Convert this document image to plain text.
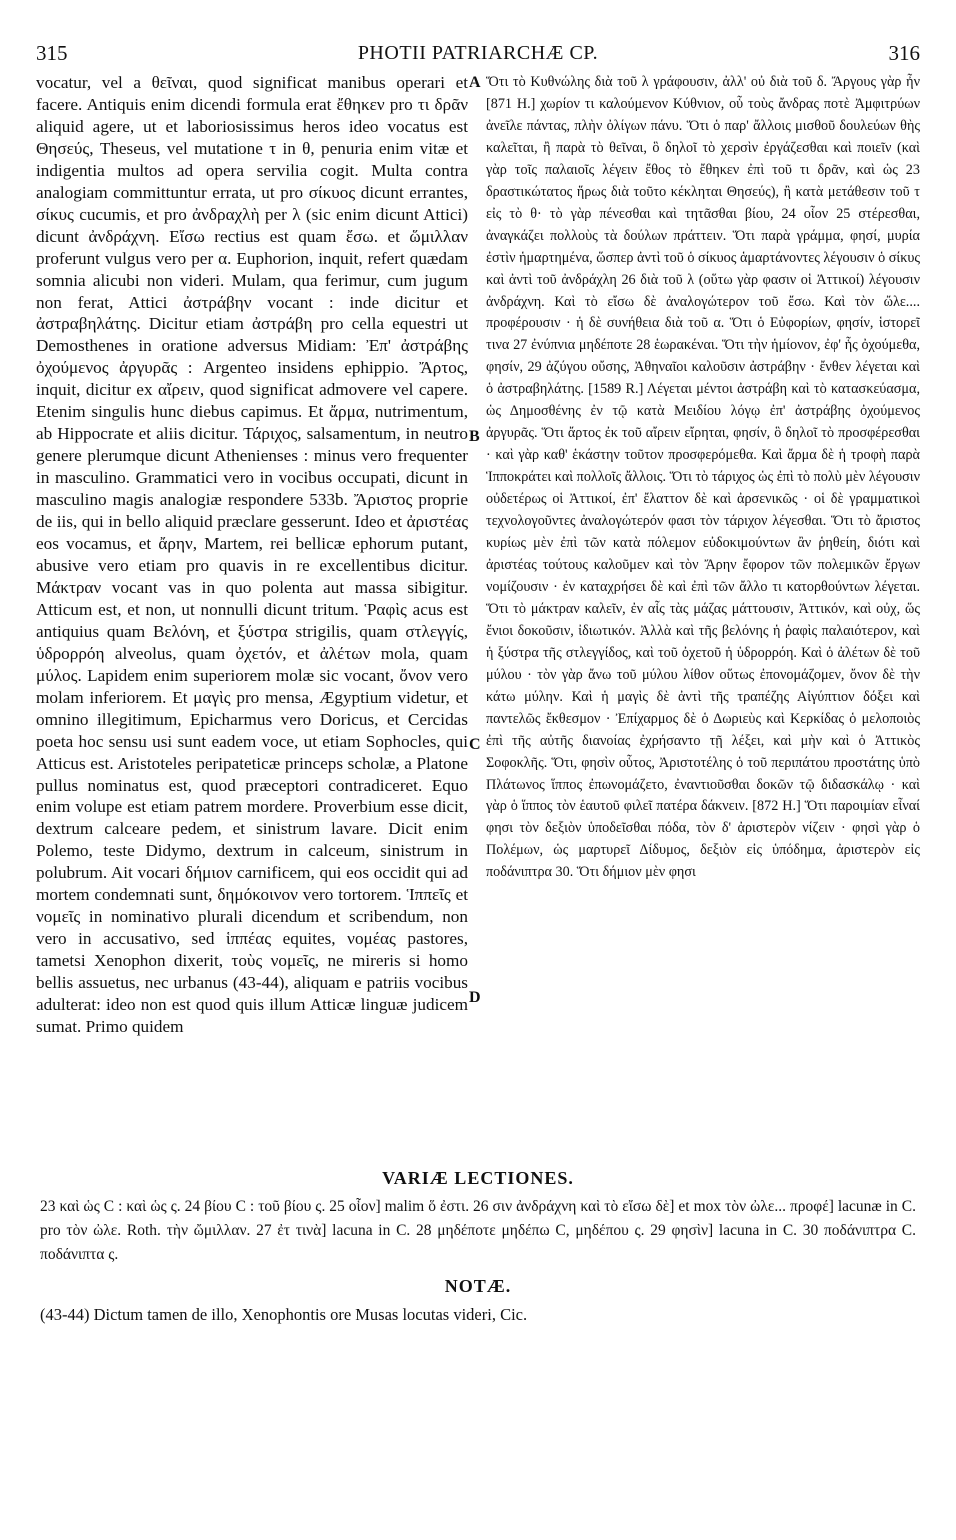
315	PHOTII PATRIARCHÆ CP.	316

vocatur, vel a θεῖναι, quod significat manibus operari et facere. Antiquis enim dicendi formula erat ἔθηκεν pro τι δρᾶν aliquid agere, ut et laboriosissimus heros ideo vocatus est Θησεύς, Theseus, vel mutatione τ in θ, penuria enim vitæ et indigentia multos ad opera servilia cogit. Multa contra analogiam committuntur errata, ut pro σίκυος dicunt errantes, σίκυς cucumis, et pro ἀνδραχλὴ per λ (sic enim dicunt Attici) dicunt ἀνδράχνη. Εἴσω rectius est quam ἔσω. et ὥμιλλαν proferunt vulgus vero per α. Euphorion, inquit, refert quædam somnia alicubi non videri. Mulam, qua ferimur, cum jugum non ferat, Attici ἀστράβην vocant : inde dicitur et ἀστραβηλάτης. Dicitur etiam ἀστράβη pro cella equestri ut Demosthenes in oratione adversus Midiam: Ἐπ' ἀστράβης ὀχούμενος ἀργυρᾶς : Argenteo insidens ephippio. Ἄρτος, inquit, dicitur ex αἴρειν, quod significat admovere vel capere. Etenim singulis hunc diebus capimus. Et ἄρμα, nutrimentum, ab Hippocrate et aliis dicitur. Τάριχος, salsamentum, in neutro genere plerumque dicunt Athenienses : minus vero frequenter in masculino. Grammatici vero in vocibus occupati, dicunt in masculino magis analogiæ respondere 533b. Ἄριστος proprie de iis, qui in bello aliquid præclare gesserunt. Ideo et ἀριστέας eos vocamus, et ἄρην, Martem, rei bellicæ ephorum putant, abusive vero etiam pro quavis in re excellentibus dicitur. Μάκτραν vocant vas in quo polenta aut massa sibigitur. Atticum est, et non, ut nonnulli dicunt tritum. Ῥαφὶς acus est antiquius quam Βελόνη, et ξύστρα strigilis, quam στλεγγίς, ὑδρορρόη alveolus, quam ὀχετόν, et ἀλέτων mola, quam μύλος. Lapidem enim superiorem molæ sic vocant, ὄνον vero molam inferiorem. Et μαγὶς pro mensa, Ægyptium videtur, et omnino illegitimum, Epicharmus vero Doricus, et Cercidas poeta hoc sensu usi sunt eadem voce, ut etiam Sophocles, qui Atticus est. Aristoteles peripateticæ princeps scholæ, a Platone pullus nominatus est, quod præceptori contradiceret. Equo enim volupe est etiam patrem mordere. Proverbium esse dicit, dextrum calceare pedem, et sinistrum lavare. Dicit enim Polemo, teste Didymo, dextrum in calceum, sinistrum in polubrum. Ait vocari δήμιον carnificem, qui eos occidit qui ad mortem condemnati sunt, δημόκοινον vero tortorem. Ἱππεῖς et νομεῖς in nominativo plurali dicendum et scribendum, non vero in accusativo, sed ἱππέας equites, νομέας pastores, tametsi Xenophon dixerit, τοὺς νομεῖς, ne mireris si homo bellis assuetus, nec urbanus (43-44), aliquam e patriis vocibus adulterat: ideo non est quod quis illum Atticæ linguæ judicem sumat. Primo quidem

A
B
C
D

Ὅτι τὸ Κυθνώλης διὰ τοῦ λ γράφουσιν, ἀλλ' οὐ διὰ τοῦ δ. Ἄργους γὰρ ἦν [871 H.] χωρίον τι καλούμενον Κύθνιον, οὗ τοὺς ἄνδρας ποτὲ Ἀμφιτρύων ἀνεῖλε πάντας, πλὴν ὀλίγων πάνυ. Ὅτι ὁ παρ' ἄλλοις μισθοῦ δουλεύων θὴς καλεῖται, ἢ παρὰ τὸ θεῖναι, ὃ δηλοῖ τὸ χερσὶν ἐργάζεσθαι καὶ ποιεῖν (καὶ γὰρ τοῖς παλαιοῖς λέγειν ἔθος τὸ ἔθηκεν ἐπὶ τοῦ τι δρᾶν, καὶ ὡς 23 δραστικώτατος ἥρως διὰ τοῦτο κέκληται Θησεύς), ἢ κατὰ μετάθεσιν τοῦ τ εἰς τὸ θ· τὸ γὰρ πένεσθαι καὶ τητᾶσθαι βίου, 24 οἷον 25 στέρεσθαι, ἀναγκάζει πολλοὺς τὰ δούλων πράττειν. Ὅτι παρὰ γράμμα, φησί, μυρία ἐστὶν ἡμαρτημένα, ὥσπερ ἀντὶ τοῦ ὁ σίκυος ἁμαρτάνοντες λέγουσιν ὁ σίκυς καὶ ἀντὶ τοῦ ἀνδράχλη 26 διὰ τοῦ λ (οὕτω γὰρ φασιν οἱ Ἀττικοί) λέγουσιν ἀνδράχνη. Καὶ τὸ εἴσω δὲ ἀναλογώτερον τοῦ ἔσω. Καὶ τὸν ὤλε.... προφέρουσιν · ἡ δὲ συνήθεια διὰ τοῦ α. Ὅτι ὁ Εὐφορίων, φησίν, ἱστορεῖ τινα 27 ἐνύπνια μηδέποτε 28 ἑωρακέναι. Ὅτι τὴν ἡμίονον, ἐφ' ἧς ὀχούμεθα, φησίν, 29 ἀζύγου οὔσης, Ἀθηναῖοι καλοῦσιν ἀστράβην · ἔνθεν λέγεται καὶ ὁ ἀστραβηλάτης. [1589 R.] Λέγεται μέντοι ἀστράβη καὶ τὸ κατασκεύασμα, ὡς Δημοσθένης ἐν τῷ κατὰ Μειδίου λόγῳ ἐπ' ἀστράβης ὀχούμενος ἀργυρᾶς. Ὅτι ἄρτος ἐκ τοῦ αἴρειν εἴρηται, φησίν, ὃ δηλοῖ τὸ προσφέρεσθαι · καὶ γὰρ καθ' ἑκάστην τοῦτον προσφερόμεθα. Καὶ ἄρμα δὲ ἡ τροφὴ παρὰ Ἱπποκράτει καὶ πολλοῖς ἄλλοις. Ὅτι τὸ τάριχος ὡς ἐπὶ τὸ πολὺ μὲν λέγουσιν οὐδετέρως οἱ Ἀττικοί, ἐπ' ἔλαττον δὲ καὶ ἀρσενικῶς · οἱ δὲ γραμματικοὶ τεχνολογοῦντες ἀναλογώτερόν φασι τὸν τάριχον λέγεσθαι. Ὅτι τὸ ἄριστος κυρίως μὲν ἐπὶ τῶν κατὰ πόλεμον εὐδοκιμούντων ἂν ῥηθείη, διότι καὶ ἀριστέας τούτους καλοῦμεν καὶ τὸν Ἄρην ἔφορον τῶν πολεμικῶν ἔργων νομίζουσιν · ἐν καταχρήσει δὲ καὶ ἐπὶ τῶν ἄλλο τι κατορθούντων λέγεται. Ὅτι τὸ μάκτραν καλεῖν, ἐν αἷς τὰς μάζας μάττουσιν, Ἀττικόν, καὶ οὐχ, ὥς ἔνιοι δοκοῦσιν, ἰδιωτικόν. Ἀλλὰ καὶ τῆς βελόνης ἡ ῥαφὶς παλαιότερον, καὶ ἡ ξύστρα τῆς στλεγγίδος, καὶ τοῦ ὀχετοῦ ἡ ὑδρορρόη. Καὶ ὁ ἀλέτων δὲ τοῦ μύλου · τὸν γὰρ ἄνω τοῦ μύλου λίθον οὕτως ἐπονομάζομεν, ὄνον δὲ τὴν κάτω μύλην. Καὶ ἡ μαγὶς δὲ ἀντὶ τῆς τραπέζης Αἰγύπτιον δόξει καὶ παντελῶς ἔκθεσμον · Ἐπίχαρμος δὲ ὁ Δωριεὺς καὶ Κερκίδας ὁ μελοποιὸς ἐπὶ τῆς αὐτῆς διανοίας ἐχρήσαντο τῇ λέξει, καὶ μὴν καὶ ὁ Ἀττικὸς Σοφοκλῆς. Ὅτι, φησὶν οὗτος, Ἀριστοτέλης ὁ τοῦ περιπάτου προστάτης ὑπὸ Πλάτωνος ἵππος ἐπωνομάζετο, ἐναντιοῦσθαι δοκῶν τῷ διδασκάλῳ · καὶ γὰρ ὁ ἵππος τὸν ἑαυτοῦ φιλεῖ πατέρα δάκνειν. [872 H.] Ὅτι παροιμίαν εἶναί φησι τὸν δεξιὸν ὑποδεῖσθαι πόδα, τὸν δ' ἀριστερὸν νίζειν · φησὶ γὰρ ὁ Πολέμων, ὡς μαρτυρεῖ Δίδυμος, δεξιὸν εἰς ὑπόδημα, ἀριστερὸν εἰς ποδάνιπτρα 30. Ὅτι δήμιον μὲν φησι

VARIÆ LECTIONES.
23 καὶ ὡς C : καὶ ὡς ς. 24 βίου C : τοῦ βίου ς. 25 οἷον] malim ὅ ἐστι. 26 σιν ἀνδράχνη καὶ τὸ εἴσω δὲ] et mox τὸν ὠλε... προφέ] lacunæ in C. pro τὸν ὠλε. Roth. τὴν ὤμιλλαν. 27 ἐτ τινὰ] lacuna in C. 28 μηδέποτε μηδέπω C, μηδέπου ς. 29 φησὶν] lacuna in C. 30 ποδάνιπτρα C. ποδάνιπτα ς.
NOTÆ.
(43-44) Dictum tamen de illo, Xenophontis ore Musas locutas videri, Cic.
